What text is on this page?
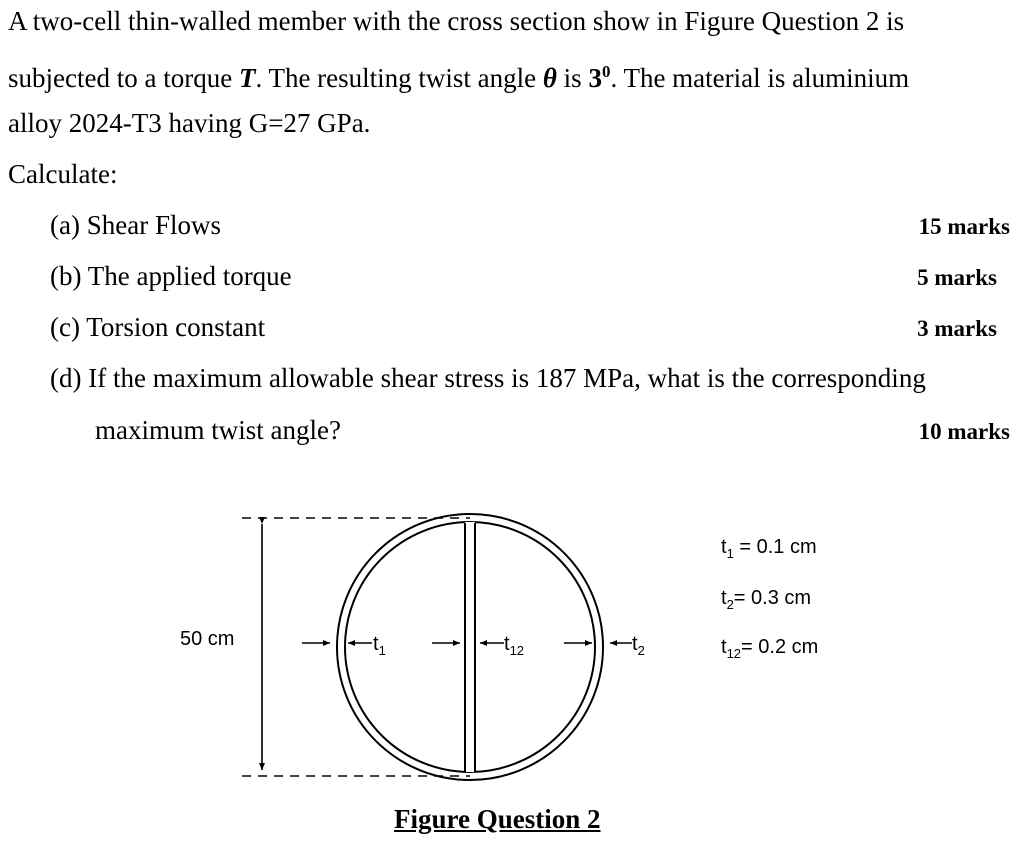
A two-cell thin-walled member with the cross section show in Figure Question 2 is
subjected to a torque T. The resulting twist angle θ is $3^0$. The material is aluminium
alloy 2024-T3 having G=27 GPa.
Calculate:
(a) Shear Flows	15 marks
(b) The applied torque	5 marks
(c) Torsion constant	3 marks
(d) If the maximum allowable shear stress is 187 MPa, what is the corresponding
maximum twist angle?	10 marks
50 cm	$t_1$	$t_{12}$	$t_2$
$t_1 = 0.1$ cm
$t_2= 0.3$ cm
$t_{12}= 0.2$ cm
Figure Question 2
